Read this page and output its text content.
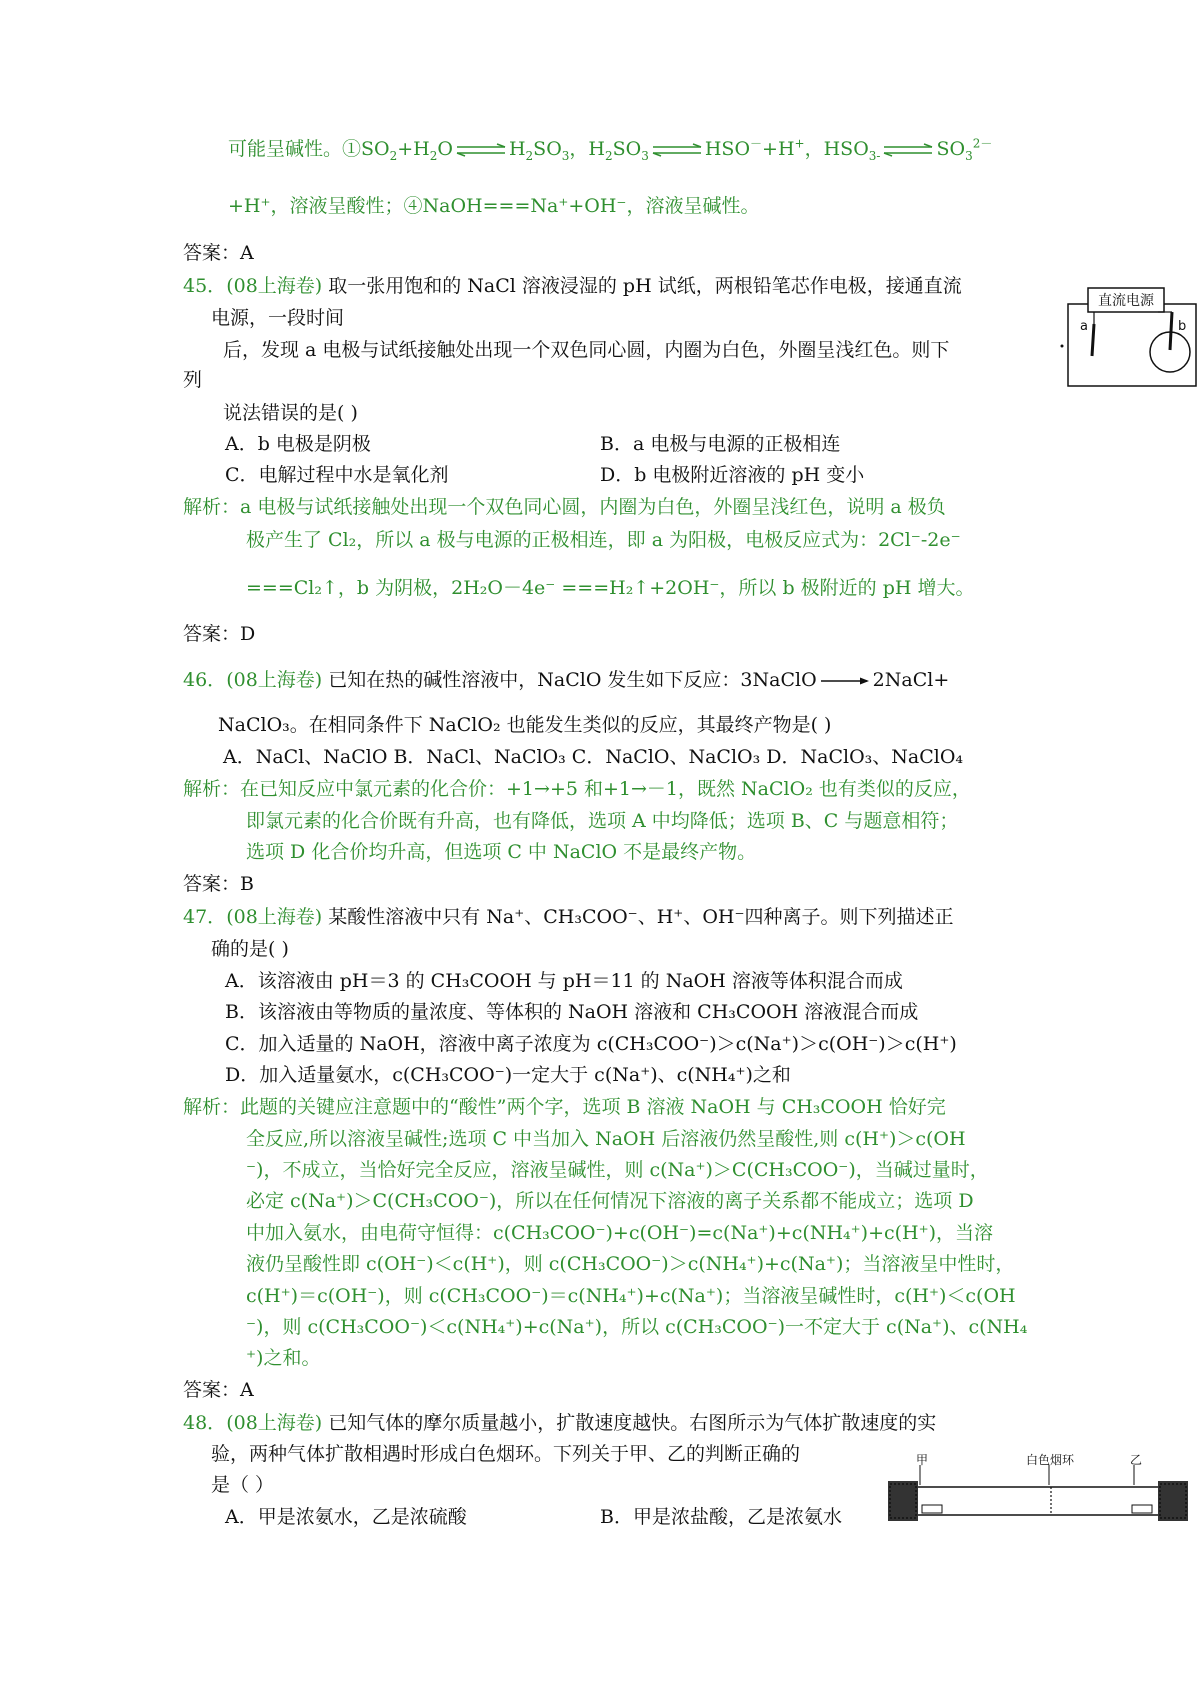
可能呈碱性。$①SO_2+H_2O$ ⇌ $H_2SO_3$，$H_2SO_3$ ⇌ HSO－+H+，$HSO_{3-}$ ⇌ $SO_3^{2-}$
+H⁺，溶液呈酸性；④NaOH===Na⁺+OH⁻，溶液呈碱性。
答案：A
45．(08上海卷) 取一张用饱和的 NaCl 溶液浸湿的 pH 试纸，两根铅笔芯作电极，接通直流
电源，一段时间
后，发现 a 电极与试纸接触处出现一个双色同心圆，内圈为白色，外圈呈浅红色。则下
列
说法错误的是( )
A．b 电极是阴极	B．a 电极与电源的正极相连
C．电解过程中水是氧化剂	D．b 电极附近溶液的 pH 变小
解析：a 电极与试纸接触处出现一个双色同心圆，内圈为白色，外圈呈浅红色，说明 a 极负
极产生了 Cl₂，所以 a 极与电源的正极相连，即 a 为阳极，电极反应式为：2Cl⁻-2e⁻
===Cl₂↑，b 为阴极，2H₂O－4e⁻ ===H₂↑+2OH⁻，所以 b 极附近的 pH 增大。
答案：D
直流电源
a	b
46．(08上海卷) 已知在热的碱性溶液中，NaClO 发生如下反应：3NaClO → 2NaCl+
NaClO₃。在相同条件下 NaClO₂ 也能发生类似的反应，其最终产物是( )
A．NaCl、NaClO B．NaCl、NaClO₃ C．NaClO、NaClO₃ D．NaClO₃、NaClO₄
解析：在已知反应中氯元素的化合价：+1→+5 和+1→－1，既然 NaClO₂ 也有类似的反应，
即氯元素的化合价既有升高，也有降低，选项 A 中均降低；选项 B、C 与题意相符；
选项 D 化合价均升高，但选项 C 中 NaClO 不是最终产物。
答案：B
47．(08上海卷) 某酸性溶液中只有 Na⁺、CH₃COO⁻、H⁺、OH⁻四种离子。则下列描述正
确的是( )
A．该溶液由 pH＝3 的 CH₃COOH 与 pH＝11 的 NaOH 溶液等体积混合而成
B．该溶液由等物质的量浓度、等体积的 NaOH 溶液和 CH₃COOH 溶液混合而成
C．加入适量的 NaOH，溶液中离子浓度为 c(CH₃COO⁻)＞c(Na⁺)＞c(OH⁻)＞c(H⁺)
D．加入适量氨水，c(CH₃COO⁻)一定大于 c(Na⁺)、c(NH₄⁺)之和
解析：此题的关键应注意题中的“酸性”两个字，选项 B 溶液 NaOH 与 CH₃COOH 恰好完
全反应,所以溶液呈碱性;选项 C 中当加入 NaOH 后溶液仍然呈酸性,则 c(H⁺)＞c(OH
⁻)，不成立，当恰好完全反应，溶液呈碱性，则 c(Na⁺)＞C(CH₃COO⁻)，当碱过量时，
必定 c(Na⁺)＞C(CH₃COO⁻)，所以在任何情况下溶液的离子关系都不能成立；选项 D
中加入氨水，由电荷守恒得：c(CH₃COO⁻)+c(OH⁻)=c(Na⁺)+c(NH₄⁺)+c(H⁺)，当溶
液仍呈酸性即 c(OH⁻)＜c(H⁺)，则 c(CH₃COO⁻)＞c(NH₄⁺)+c(Na⁺)；当溶液呈中性时，
c(H⁺)＝c(OH⁻)，则 c(CH₃COO⁻)＝c(NH₄⁺)+c(Na⁺)；当溶液呈碱性时，c(H⁺)＜c(OH
⁻)，则 c(CH₃COO⁻)＜c(NH₄⁺)+c(Na⁺)，所以 c(CH₃COO⁻)一不定大于 c(Na⁺)、c(NH₄
⁺)之和。
答案：A
48．(08上海卷) 已知气体的摩尔质量越小，扩散速度越快。右图所示为气体扩散速度的实
验，两种气体扩散相遇时形成白色烟环。下列关于甲、乙的判断正确的
是（ ）
A．甲是浓氨水，乙是浓硫酸	B．甲是浓盐酸，乙是浓氨水
甲	白色烟环	乙
